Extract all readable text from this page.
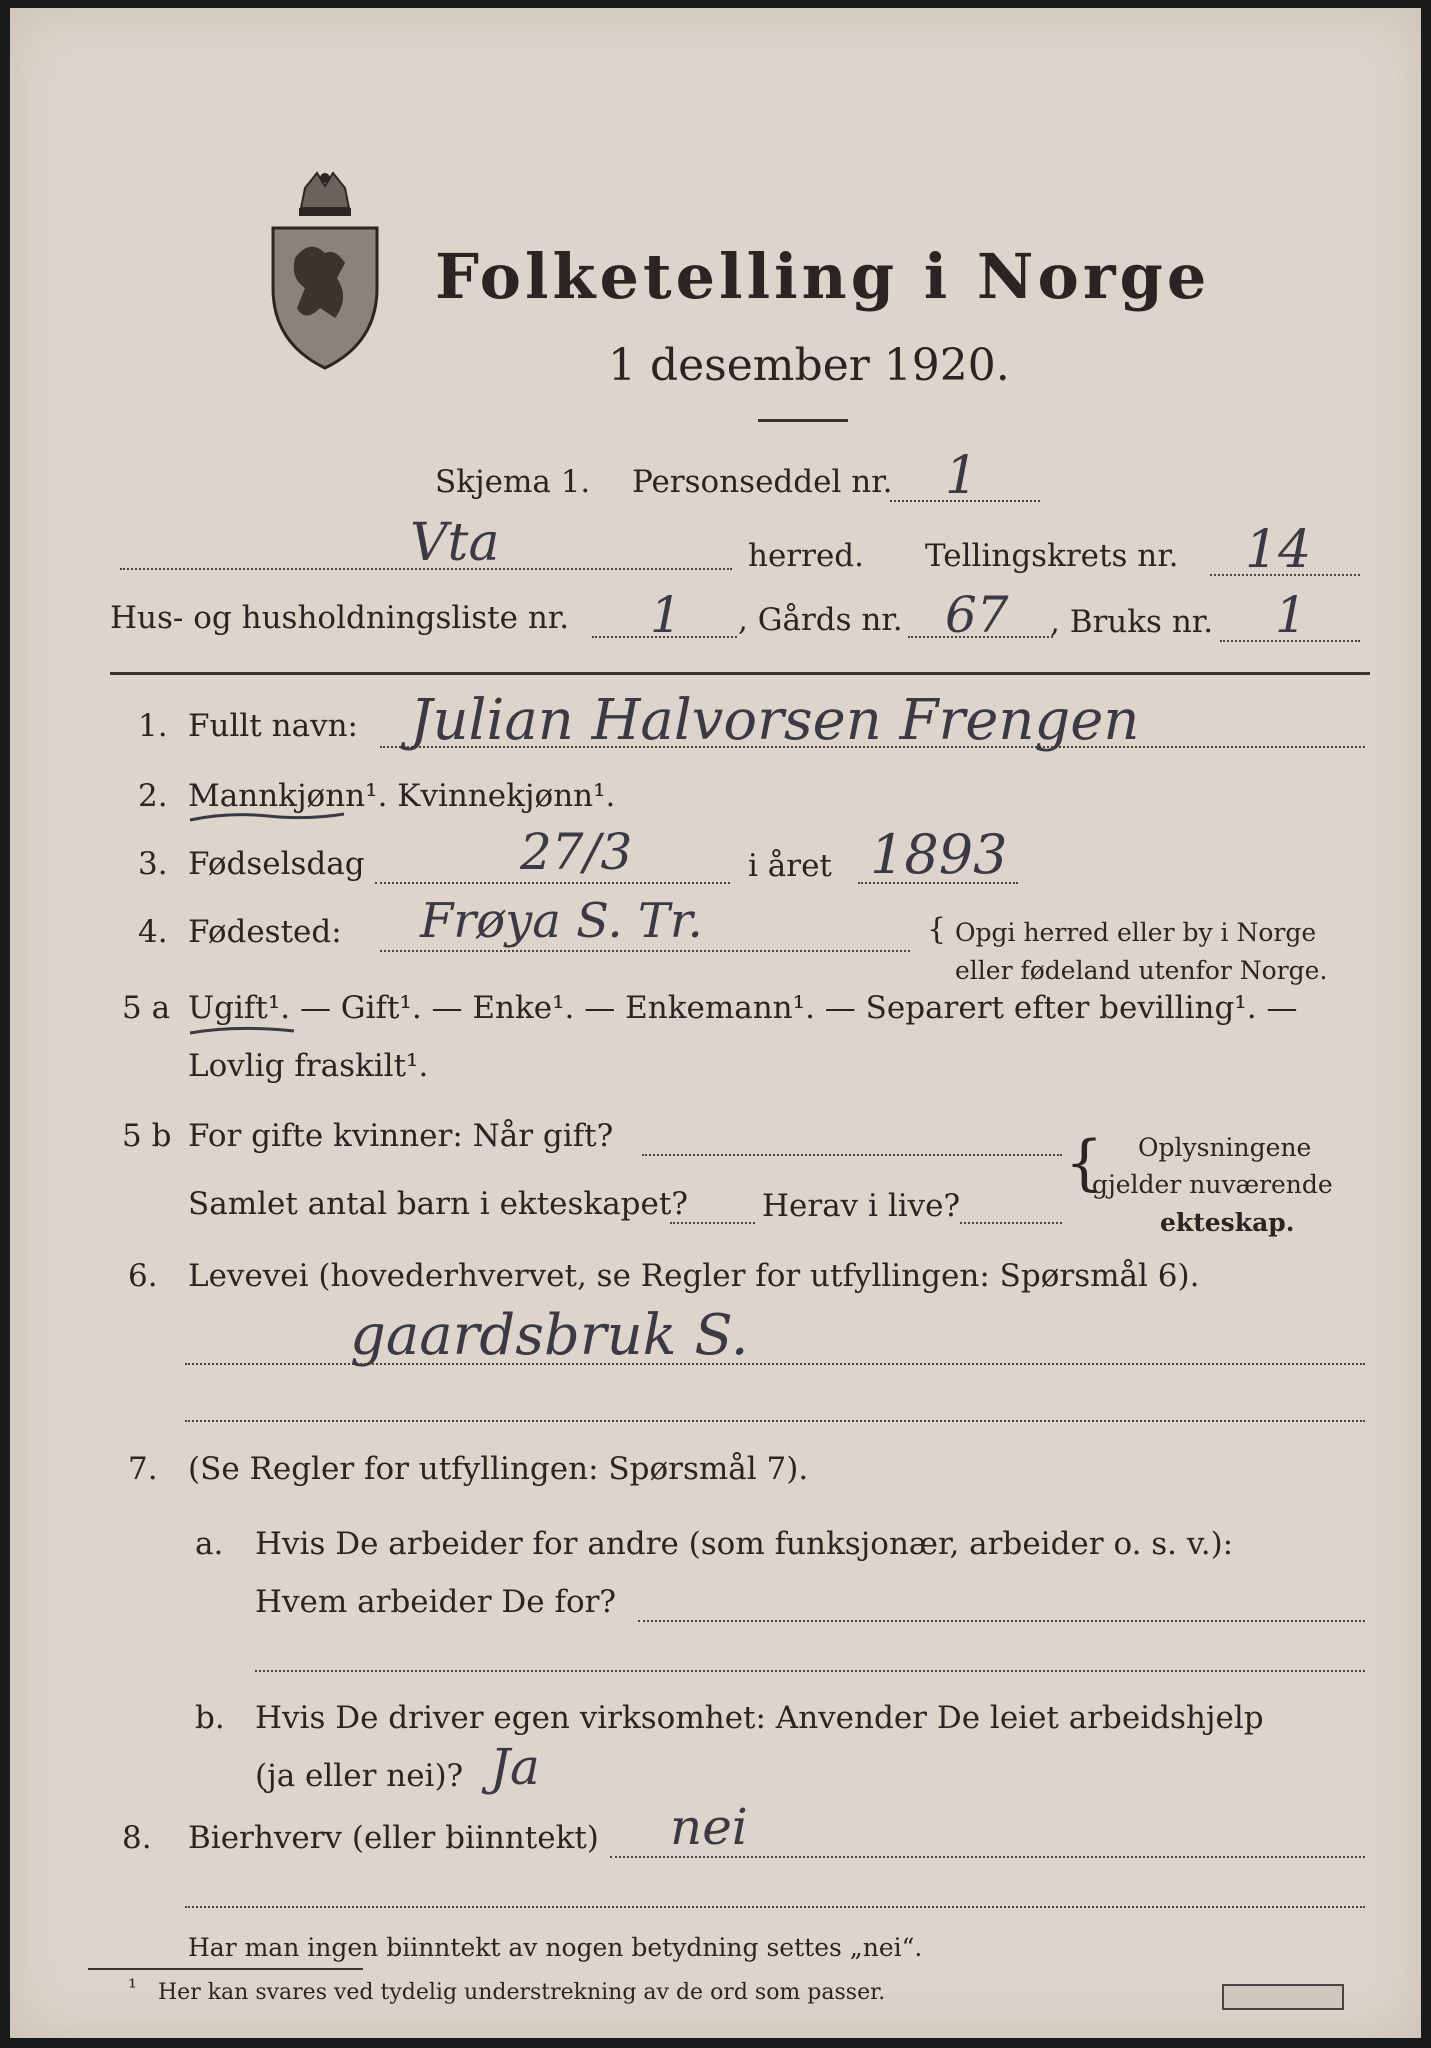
Folketelling i Norge
1 desember 1920.
Skjema 1. Personseddel nr. 1
Vta	herred. Tellingskrets nr. 14
Hus- og husholdningsliste nr. 1 , Gårds nr. 67 , Bruks nr. 1
1. Fullt navn: Julian Halvorsen Frengen
2. Mannkjønn¹. Kvinnekjønn¹.
3. Fødselsdag	27/3	i året 1893
4. Fødested: Frøya S. Tr.	{ Opgi herred eller by i Norge
eller fødeland utenfor Norge.
5 a Ugift¹. — Gift¹. — Enke¹. — Enkemann¹. — Separert efter bevilling¹. —
Lovlig fraskilt¹.
5 b For gifte kvinner: Når gift?
Samlet antal barn i ekteskapet? Herav i live?
{ Oplysningene
gjelder nuværende
ekteskap.
6. Levevei (hovederhvervet, se Regler for utfyllingen: Spørsmål 6).
gaardsbruk S.
7. (Se Regler for utfyllingen: Spørsmål 7).
a. Hvis De arbeider for andre (som funksjonær, arbeider o. s. v.):
Hvem arbeider De for?
b. Hvis De driver egen virksomhet: Anvender De leiet arbeidshjelp
(ja eller nei)? Ja
8. Bierhverv (eller biinntekt) nei
Har man ingen biinntekt av nogen betydning settes „nei“.
¹ Her kan svares ved tydelig understrekning av de ord som passer.
